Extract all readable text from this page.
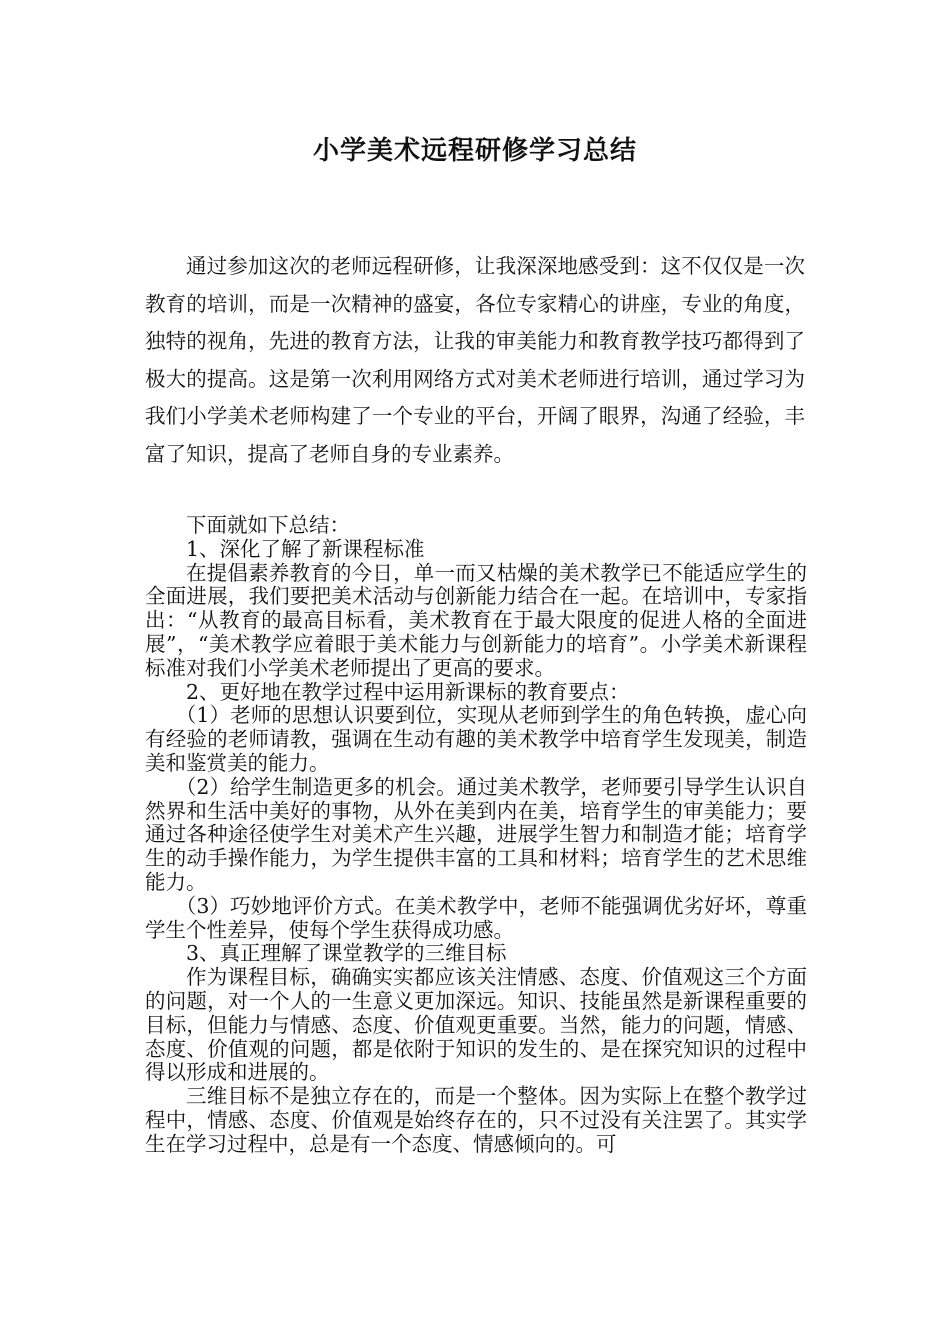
小学美术远程研修学习总结

通过参加这次的老师远程研修，让我深深地感受到：这不仅仅是一次教育的培训，而是一次精神的盛宴，各位专家精心的讲座，专业的角度，独特的视角，先进的教育方法，让我的审美能力和教育教学技巧都得到了极大的提高。这是第一次利用网络方式对美术老师进行培训，通过学习为我们小学美术老师构建了一个专业的平台，开阔了眼界，沟通了经验，丰富了知识，提高了老师自身的专业素养。

下面就如下总结：

1、深化了解了新课程标准

在提倡素养教育的今日，单一而又枯燥的美术教学已不能适应学生的全面进展，我们要把美术活动与创新能力结合在一起。在培训中，专家指出：“从教育的最高目标看，美术教育在于最大限度的促进人格的全面进展”，“美术教学应着眼于美术能力与创新能力的培育”。小学美术新课程标准对我们小学美术老师提出了更高的要求。

2、更好地在教学过程中运用新课标的教育要点：

（1）老师的思想认识要到位，实现从老师到学生的角色转换，虚心向有经验的老师请教，强调在生动有趣的美术教学中培育学生发现美，制造美和鉴赏美的能力。

（2）给学生制造更多的机会。通过美术教学，老师要引导学生认识自然界和生活中美好的事物，从外在美到内在美，培育学生的审美能力；要通过各种途径使学生对美术产生兴趣，进展学生智力和制造才能；培育学生的动手操作能力，为学生提供丰富的工具和材料；培育学生的艺术思维能力。

（3）巧妙地评价方式。在美术教学中，老师不能强调优劣好坏，尊重学生个性差异，使每个学生获得成功感。

3、真正理解了课堂教学的三维目标

作为课程目标，确确实实都应该关注情感、态度、价值观这三个方面的问题，对一个人的一生意义更加深远。知识、技能虽然是新课程重要的目标，但能力与情感、态度、价值观更重要。当然，能力的问题，情感、态度、价值观的问题，都是依附于知识的发生的、是在探究知识的过程中得以形成和进展的。

三维目标不是独立存在的，而是一个整体。因为实际上在整个教学过程中，情感、态度、价值观是始终存在的，只不过没有关注罢了。其实学生在学习过程中，总是有一个态度、情感倾向的。可
